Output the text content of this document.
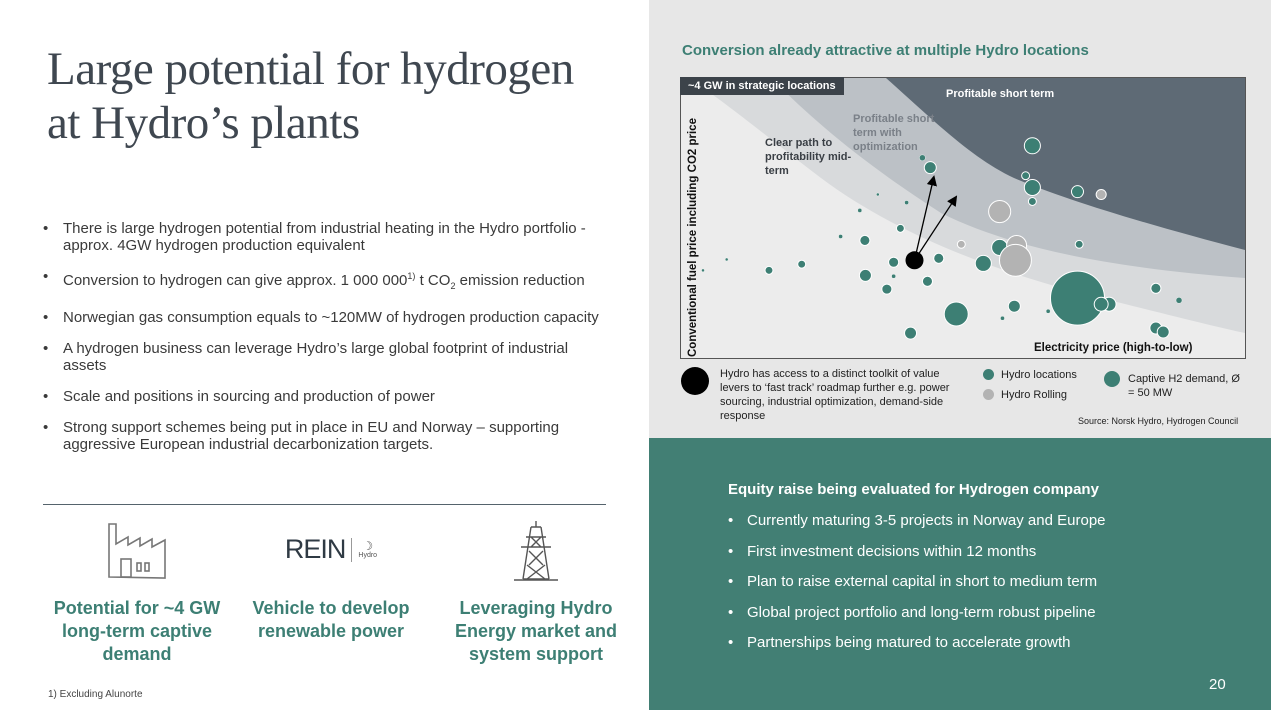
Large potential for hydrogen
at Hydro’s plants
• There is large hydrogen potential from industrial heating in the Hydro portfolio - approx. 4GW hydrogen production equivalent
• Conversion to hydrogen can give approx. 1 000 000$^{1)}$ t $CO_2$ emission reduction
• Norwegian gas consumption equals to ~120MW of hydrogen production capacity
• A hydrogen business can leverage Hydro’s large global footprint of industrial assets
• Scale and positions in sourcing and production of power
• Strong support schemes being put in place in EU and Norway – supporting aggressive European industrial decarbonization targets.
Potential for ~4 GW long-term captive demand
REIN ☽
Hydro
Vehicle to develop renewable power
Leveraging Hydro Energy market and system support
1) Excluding Alunorte
Conversion already attractive at multiple Hydro locations
Profitable short term
Profitable short term with optimization
Clear path to profitability mid-term
Electricity price (high-to-low)
Conventional fuel price including CO2 price
~4 GW in strategic locations
Hydro has access to a distinct toolkit of value levers to ‘fast track’ roadmap further e.g. power sourcing, industrial optimization, demand-side response
Hydro locations
Hydro Rolling
Captive H2 demand, Ø = 50 MW
Source: Norsk Hydro, Hydrogen Council
Equity raise being evaluated for Hydrogen company
• Currently maturing 3-5 projects in Norway and Europe
• First investment decisions within 12 months
• Plan to raise external capital in short to medium term
• Global project portfolio and long-term robust pipeline
• Partnerships being matured to accelerate growth
20
